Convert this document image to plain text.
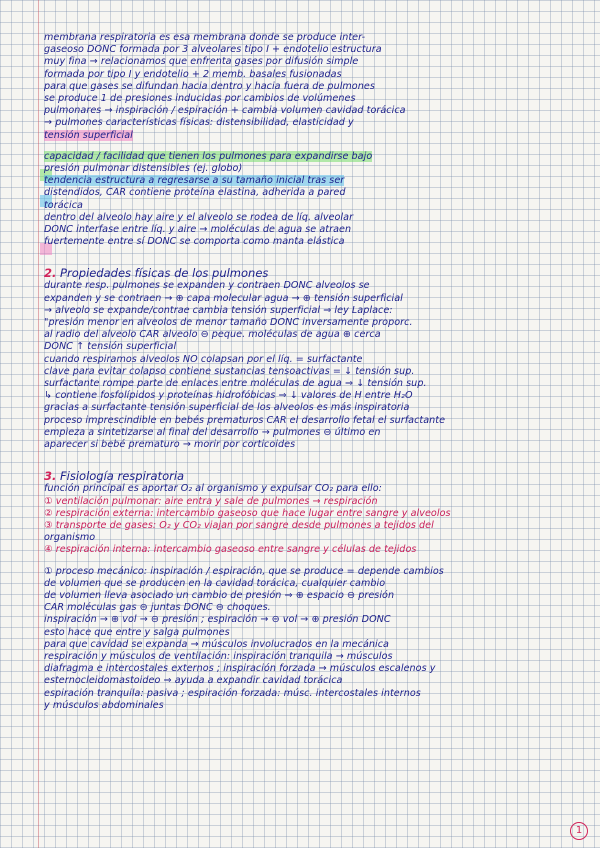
membrana respiratoria es esa membrana donde se produce inter-
gaseoso DONC formada por 3 alveolares tipo I + endotelio estructura
muy fina → relacionamos que enfrenta gases por difusión simple
formada por tipo I y endotelio + 2 memb. basales fusionadas
para que gases se difundan hacia dentro y hacia fuera de pulmones
se produce 1 de presiones inducidas por cambios de volúmenes
pulmonares → inspiración / espiración + cambia volumen cavidad torácica
→ pulmones características físicas: distensibilidad, elasticidad y
tensión superficial
capacidad / facilidad que tienen los pulmones para expandirse bajo
presión pulmonar distensibles (ej. globo)
tendencia estructura a regresarse a su tamaño inicial tras ser
distendidos, CAR contiene proteína elastina, adherida a pared
torácica
dentro del alveolo hay aire y el alveolo se rodea de líq. alveolar
DONC interfase entre líq. y aire → moléculas de agua se atraen
fuertemente entre sí DONC se comporta como manta elástica
2. Propiedades físicas de los pulmones
durante resp. pulmones se expanden y contraen DONC alveolos se
expanden y se contraen → ⊕ capa molecular agua → ⊕ tensión superficial
→ alveolo se expande/contrae cambia tensión superficial ⇒ ley Laplace:
"presión menor en alveolos de menor tamaño DONC inversamente proporc.
al radio del alveolo CAR alveolo ⊖ peque. moléculas de agua ⊕ cerca
DONC ↑ tensión superficial
cuando respiramos alveolos NO colapsan por el líq. = surfactante
clave para evitar colapso contiene sustancias tensoactivas = ↓ tensión sup.
surfactante rompe parte de enlaces entre moléculas de agua ⇒ ↓ tensión sup.
↳ contiene fosfolípidos y proteínas hidrofóbicas ⇒ ↓ valores de H entre H₂O
gracias a surfactante tensión superficial de los alveolos es más inspiratoria
proceso imprescindible en bebés prematuros CAR el desarrollo fetal el surfactante
empieza a sintetizarse al final del desarrollo → pulmones ⊖ último en
aparecer si bebé prematuro → morir por corticoides
3. Fisiología respiratoria
función principal es aportar O₂ al organismo y expulsar CO₂ para ello:
① ventilación pulmonar: aire entra y sale de pulmones → respiración
② respiración externa: intercambio gaseoso que hace lugar entre sangre y alveolos
③ transporte de gases: O₂ y CO₂ viajan por sangre desde pulmones a tejidos del
organismo
④ respiración interna: intercambio gaseoso entre sangre y células de tejidos
① proceso mecánico: inspiración / espiración, que se produce = depende cambios
de volumen que se producen en la cavidad torácica, cualquier cambio
de volumen lleva asociado un cambio de presión ⇒ ⊕ espacio ⊖ presión
CAR moléculas gas ⊖ juntas DONC ⊖ choques.
inspiración → ⊕ vol → ⊖ presión ; espiración → ⊖ vol → ⊕ presión DONC
esto hace que entre y salga pulmones
para que cavidad se expanda → músculos involucrados en la mecánica
respiración y músculos de ventilación: inspiración tranquila → músculos
diafragma e intercostales externos ; inspiración forzada → músculos escalenos y
esternocleidomastoideo ⇒ ayuda a expandir cavidad torácica
espiración tranquila: pasiva ; espiración forzada: músc. intercostales internos
y músculos abdominales
1
